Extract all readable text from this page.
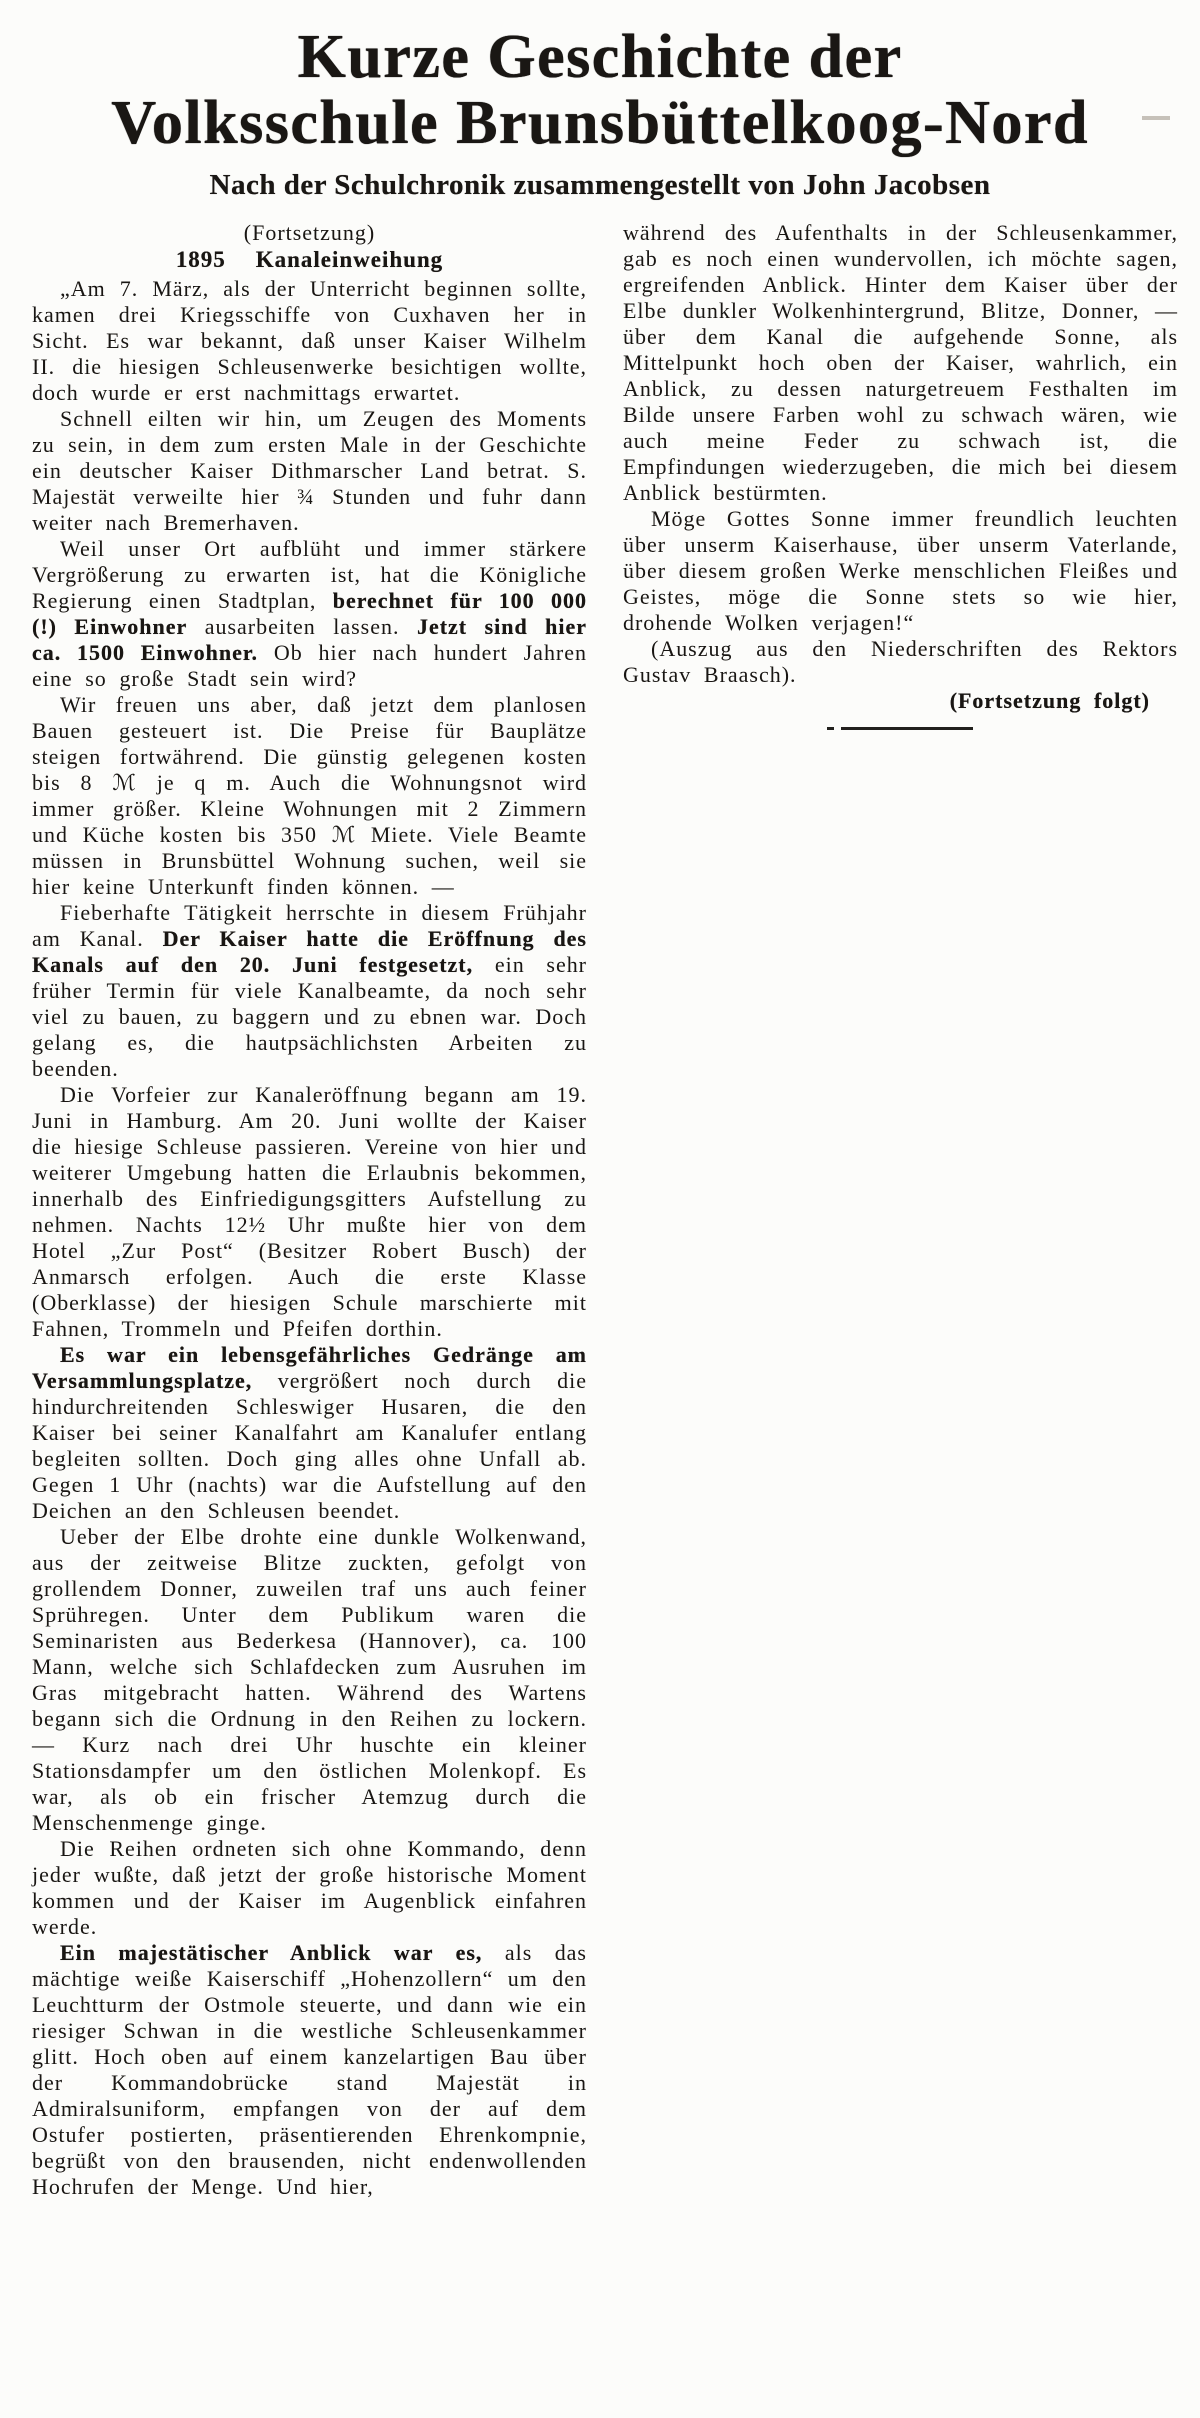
Kurze Geschichte der
Volksschule Brunsbüttelkoog-Nord
Nach der Schulchronik zusammengestellt von John Jacobsen

(Fortsetzung)

1895 Kanaleinweihung

„Am 7. März, als der Unterricht beginnen sollte, kamen drei Kriegsschiffe von Cuxhaven her in Sicht. Es war bekannt, daß unser Kaiser Wilhelm II. die hiesigen Schleusenwerke besichtigen wollte, doch wurde er erst nachmittags erwartet.

Schnell eilten wir hin, um Zeugen des Moments zu sein, in dem zum ersten Male in der Geschichte ein deutscher Kaiser Dithmarscher Land betrat. S. Majestät verweilte hier ¾ Stunden und fuhr dann weiter nach Bremerhaven.

Weil unser Ort aufblüht und immer stärkere Vergrößerung zu erwarten ist, hat die Königliche Regierung einen Stadtplan, berechnet für 100 000 (!) Einwohner ausarbeiten lassen. Jetzt sind hier ca. 1500 Einwohner. Ob hier nach hundert Jahren eine so große Stadt sein wird?

Wir freuen uns aber, daß jetzt dem planlosen Bauen gesteuert ist. Die Preise für Bauplätze steigen fortwährend. Die günstig gelegenen kosten bis 8 ℳ je q m. Auch die Wohnungsnot wird immer größer. Kleine Wohnungen mit 2 Zimmern und Küche kosten bis 350 ℳ Miete. Viele Beamte müssen in Brunsbüttel Wohnung suchen, weil sie hier keine Unterkunft finden können. —

Fieberhafte Tätigkeit herrschte in diesem Frühjahr am Kanal. Der Kaiser hatte die Eröffnung des Kanals auf den 20. Juni festgesetzt, ein sehr früher Termin für viele Kanalbeamte, da noch sehr viel zu bauen, zu baggern und zu ebnen war. Doch gelang es, die hautpsächlichsten Arbeiten zu beenden.

Die Vorfeier zur Kanaleröffnung begann am 19. Juni in Hamburg. Am 20. Juni wollte der Kaiser die hiesige Schleuse passieren. Vereine von hier und weiterer Umgebung hatten die Erlaubnis bekommen, innerhalb des Einfriedigungsgitters Aufstellung zu nehmen. Nachts 12½ Uhr mußte hier von dem Hotel „Zur Post“ (Besitzer Robert Busch) der Anmarsch erfolgen. Auch die erste Klasse (Oberklasse) der hiesigen Schule marschierte mit Fahnen, Trommeln und Pfeifen dorthin.

Es war ein lebensgefährliches Gedränge am Versammlungsplatze, vergrößert noch durch die hindurchreitenden Schleswiger Husaren, die den Kaiser bei seiner Kanalfahrt am Kanalufer entlang begleiten sollten. Doch ging alles ohne Unfall ab. Gegen 1 Uhr (nachts) war die Aufstellung auf den Deichen an den Schleusen beendet.

Ueber der Elbe drohte eine dunkle Wolkenwand, aus der zeitweise Blitze zuckten, gefolgt von grollendem Donner, zuweilen traf uns auch feiner Sprühregen. Unter dem Publikum waren die Seminaristen aus Bederkesa (Hannover), ca. 100 Mann, welche sich Schlafdecken zum Ausruhen im Gras mitgebracht hatten. Während des Wartens begann sich die Ordnung in den Reihen zu lockern. — Kurz nach drei Uhr huschte ein kleiner Stationsdampfer um den östlichen Molenkopf. Es war, als ob ein frischer Atemzug durch die Menschenmenge ginge.

Die Reihen ordneten sich ohne Kommando, denn jeder wußte, daß jetzt der große historische Moment kommen und der Kaiser im Augenblick einfahren werde.

Ein majestätischer Anblick war es, als das mächtige weiße Kaiserschiff „Hohenzollern“ um den Leuchtturm der Ostmole steuerte, und dann wie ein riesiger Schwan in die westliche Schleusenkammer glitt. Hoch oben auf einem kanzelartigen Bau über der Kommandobrücke stand Majestät in Admiralsuniform, empfangen von der auf dem Ostufer postierten, präsentierenden Ehrenkompnie, begrüßt von den brausenden, nicht endenwollenden Hochrufen der Menge. Und hier,

während des Aufenthalts in der Schleusenkammer, gab es noch einen wundervollen, ich möchte sagen, ergreifenden Anblick. Hinter dem Kaiser über der Elbe dunkler Wolkenhintergrund, Blitze, Donner, — über dem Kanal die aufgehende Sonne, als Mittelpunkt hoch oben der Kaiser, wahrlich, ein Anblick, zu dessen naturgetreuem Festhalten im Bilde unsere Farben wohl zu schwach wären, wie auch meine Feder zu schwach ist, die Empfindungen wiederzugeben, die mich bei diesem Anblick bestürmten.

Möge Gottes Sonne immer freundlich leuchten über unserm Kaiserhause, über unserm Vaterlande, über diesem großen Werke menschlichen Fleißes und Geistes, möge die Sonne stets so wie hier, drohende Wolken verjagen!“

(Auszug aus den Niederschriften des Rektors Gustav Braasch).

(Fortsetzung folgt)
